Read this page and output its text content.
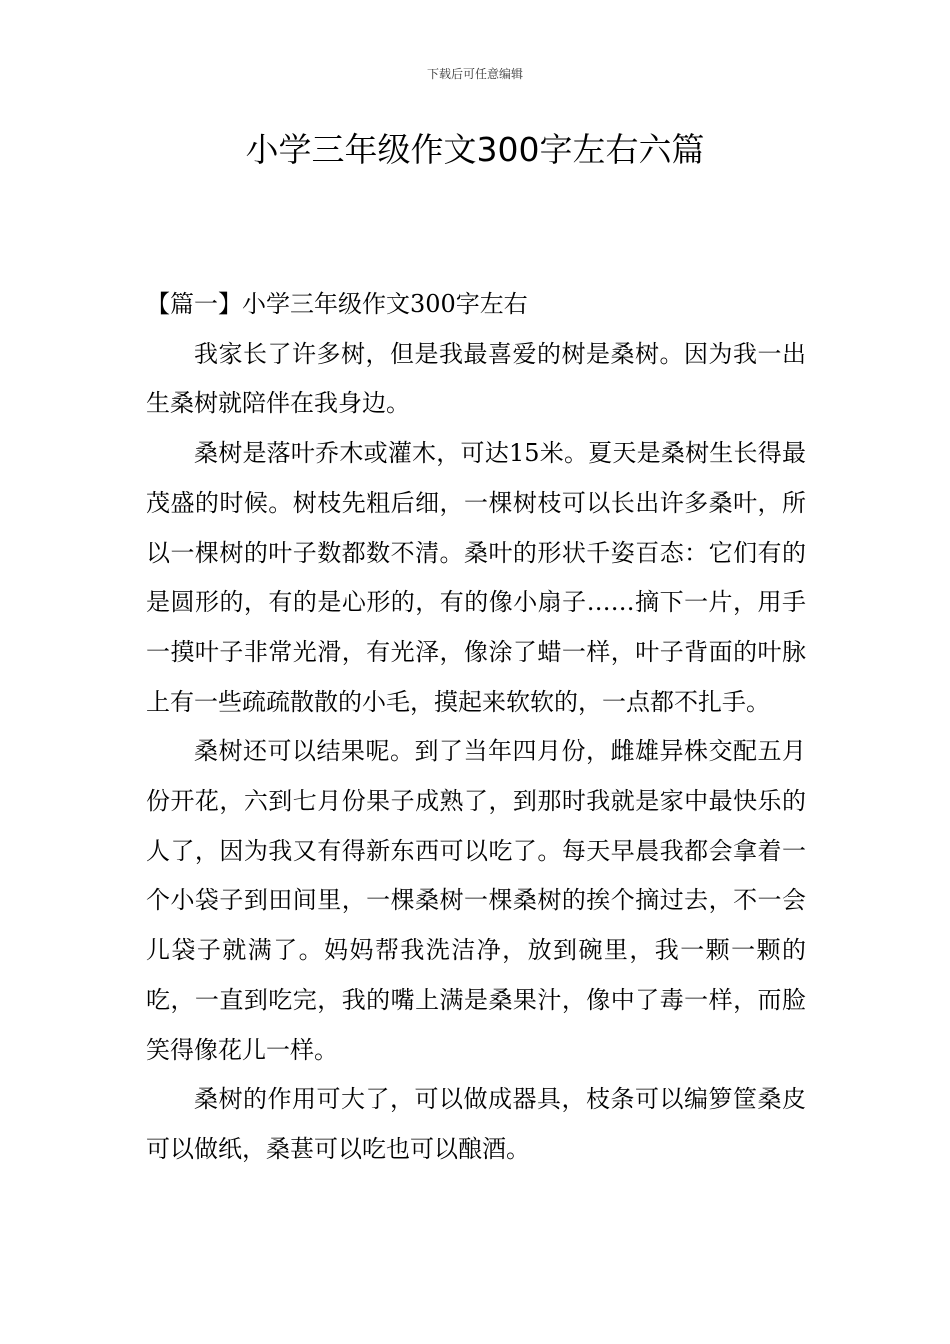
下载后可任意编辑
小学三年级作文300字左右六篇

【篇一】小学三年级作文300字左右

我家长了许多树，但是我最喜爱的树是桑树。因为我一出生桑树就陪伴在我身边。

桑树是落叶乔木或灌木，可达15米。夏天是桑树生长得最茂盛的时候。树枝先粗后细，一棵树枝可以长出许多桑叶，所以一棵树的叶子数都数不清。桑叶的形状千姿百态：它们有的是圆形的，有的是心形的，有的像小扇子……摘下一片，用手一摸叶子非常光滑，有光泽，像涂了蜡一样，叶子背面的叶脉上有一些疏疏散散的小毛，摸起来软软的，一点都不扎手。

桑树还可以结果呢。到了当年四月份，雌雄异株交配五月份开花，六到七月份果子成熟了，到那时我就是家中最快乐的人了，因为我又有得新东西可以吃了。每天早晨我都会拿着一个小袋子到田间里，一棵桑树一棵桑树的挨个摘过去，不一会儿袋子就满了。妈妈帮我洗洁净，放到碗里，我一颗一颗的吃，一直到吃完，我的嘴上满是桑果汁，像中了毒一样，而脸笑得像花儿一样。

桑树的作用可大了，可以做成器具，枝条可以编箩筐桑皮可以做纸，桑葚可以吃也可以酿酒。
